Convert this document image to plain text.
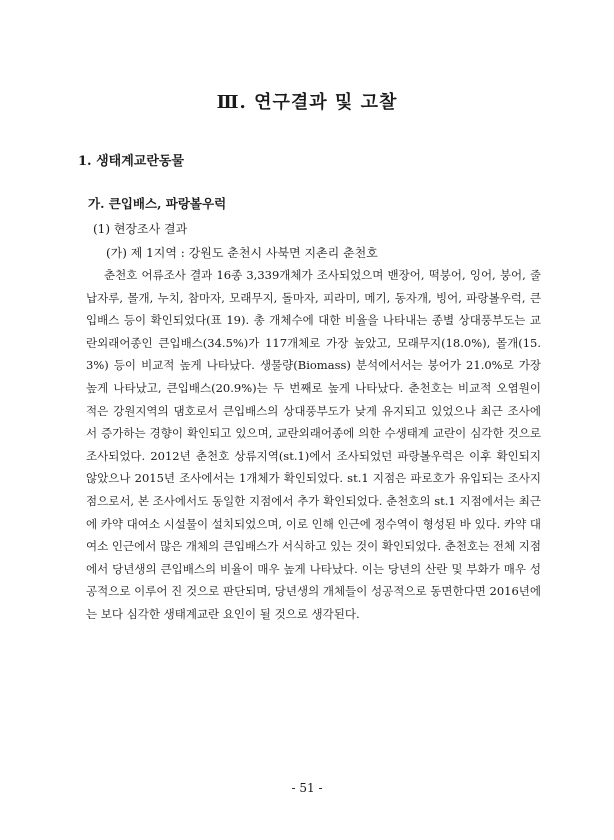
Ⅲ. 연구결과 및 고찰
1. 생태계교란동물
가. 큰입배스, 파랑볼우럭
(1) 현장조사 결과
(가) 제 1지역 : 강원도 춘천시 사북면 지촌리 춘천호

춘천호 어류조사 결과 16종 3,339개체가 조사되었으며 밴장어, 떡붕어, 잉어, 붕어, 줄납자루, 몰개, 누치, 참마자, 모래무지, 돌마자, 피라미, 메기, 동자개, 빙어, 파랑볼우럭, 큰입배스 등이 확인되었다(표 19). 총 개체수에 대한 비율을 나타내는 종별 상대풍부도는 교란외래어종인 큰입배스(34.5%)가 117개체로 가장 높았고, 모래무지(18.0%), 몰개(15.3%) 등이 비교적 높게 나타났다. 생물량(Biomass) 분석에서서는 붕어가 21.0%로 가장 높게 나타났고, 큰입배스(20.9%)는 두 번째로 높게 나타났다. 춘천호는 비교적 오염원이 적은 강원지역의 댐호로서 큰입배스의 상대풍부도가 낮게 유지되고 있었으나 최근 조사에서 증가하는 경향이 확인되고 있으며, 교란외래어종에 의한 수생태계 교란이 심각한 것으로 조사되었다. 2012년 춘천호 상류지역(st.1)에서 조사되었던 파랑볼우럭은 이후 확인되지 않았으나 2015년 조사에서는 1개체가 확인되었다. st.1 지점은 파로호가 유입되는 조사지점으로서, 본 조사에서도 동일한 지점에서 추가 확인되었다. 춘천호의 st.1 지점에서는 최근에 카약 대여소 시설물이 설치되었으며, 이로 인해 인근에 정수역이 형성된 바 있다. 카약 대여소 인근에서 많은 개체의 큰입배스가 서식하고 있는 것이 확인되었다. 춘천호는 전체 지점에서 당년생의 큰입배스의 비율이 매우 높게 나타났다. 이는 당년의 산란 및 부화가 매우 성공적으로 이루어 진 것으로 판단되며, 당년생의 개체들이 성공적으로 동면한다면 2016년에는 보다 심각한 생태계교란 요인이 될 것으로 생각된다.

- 51 -
